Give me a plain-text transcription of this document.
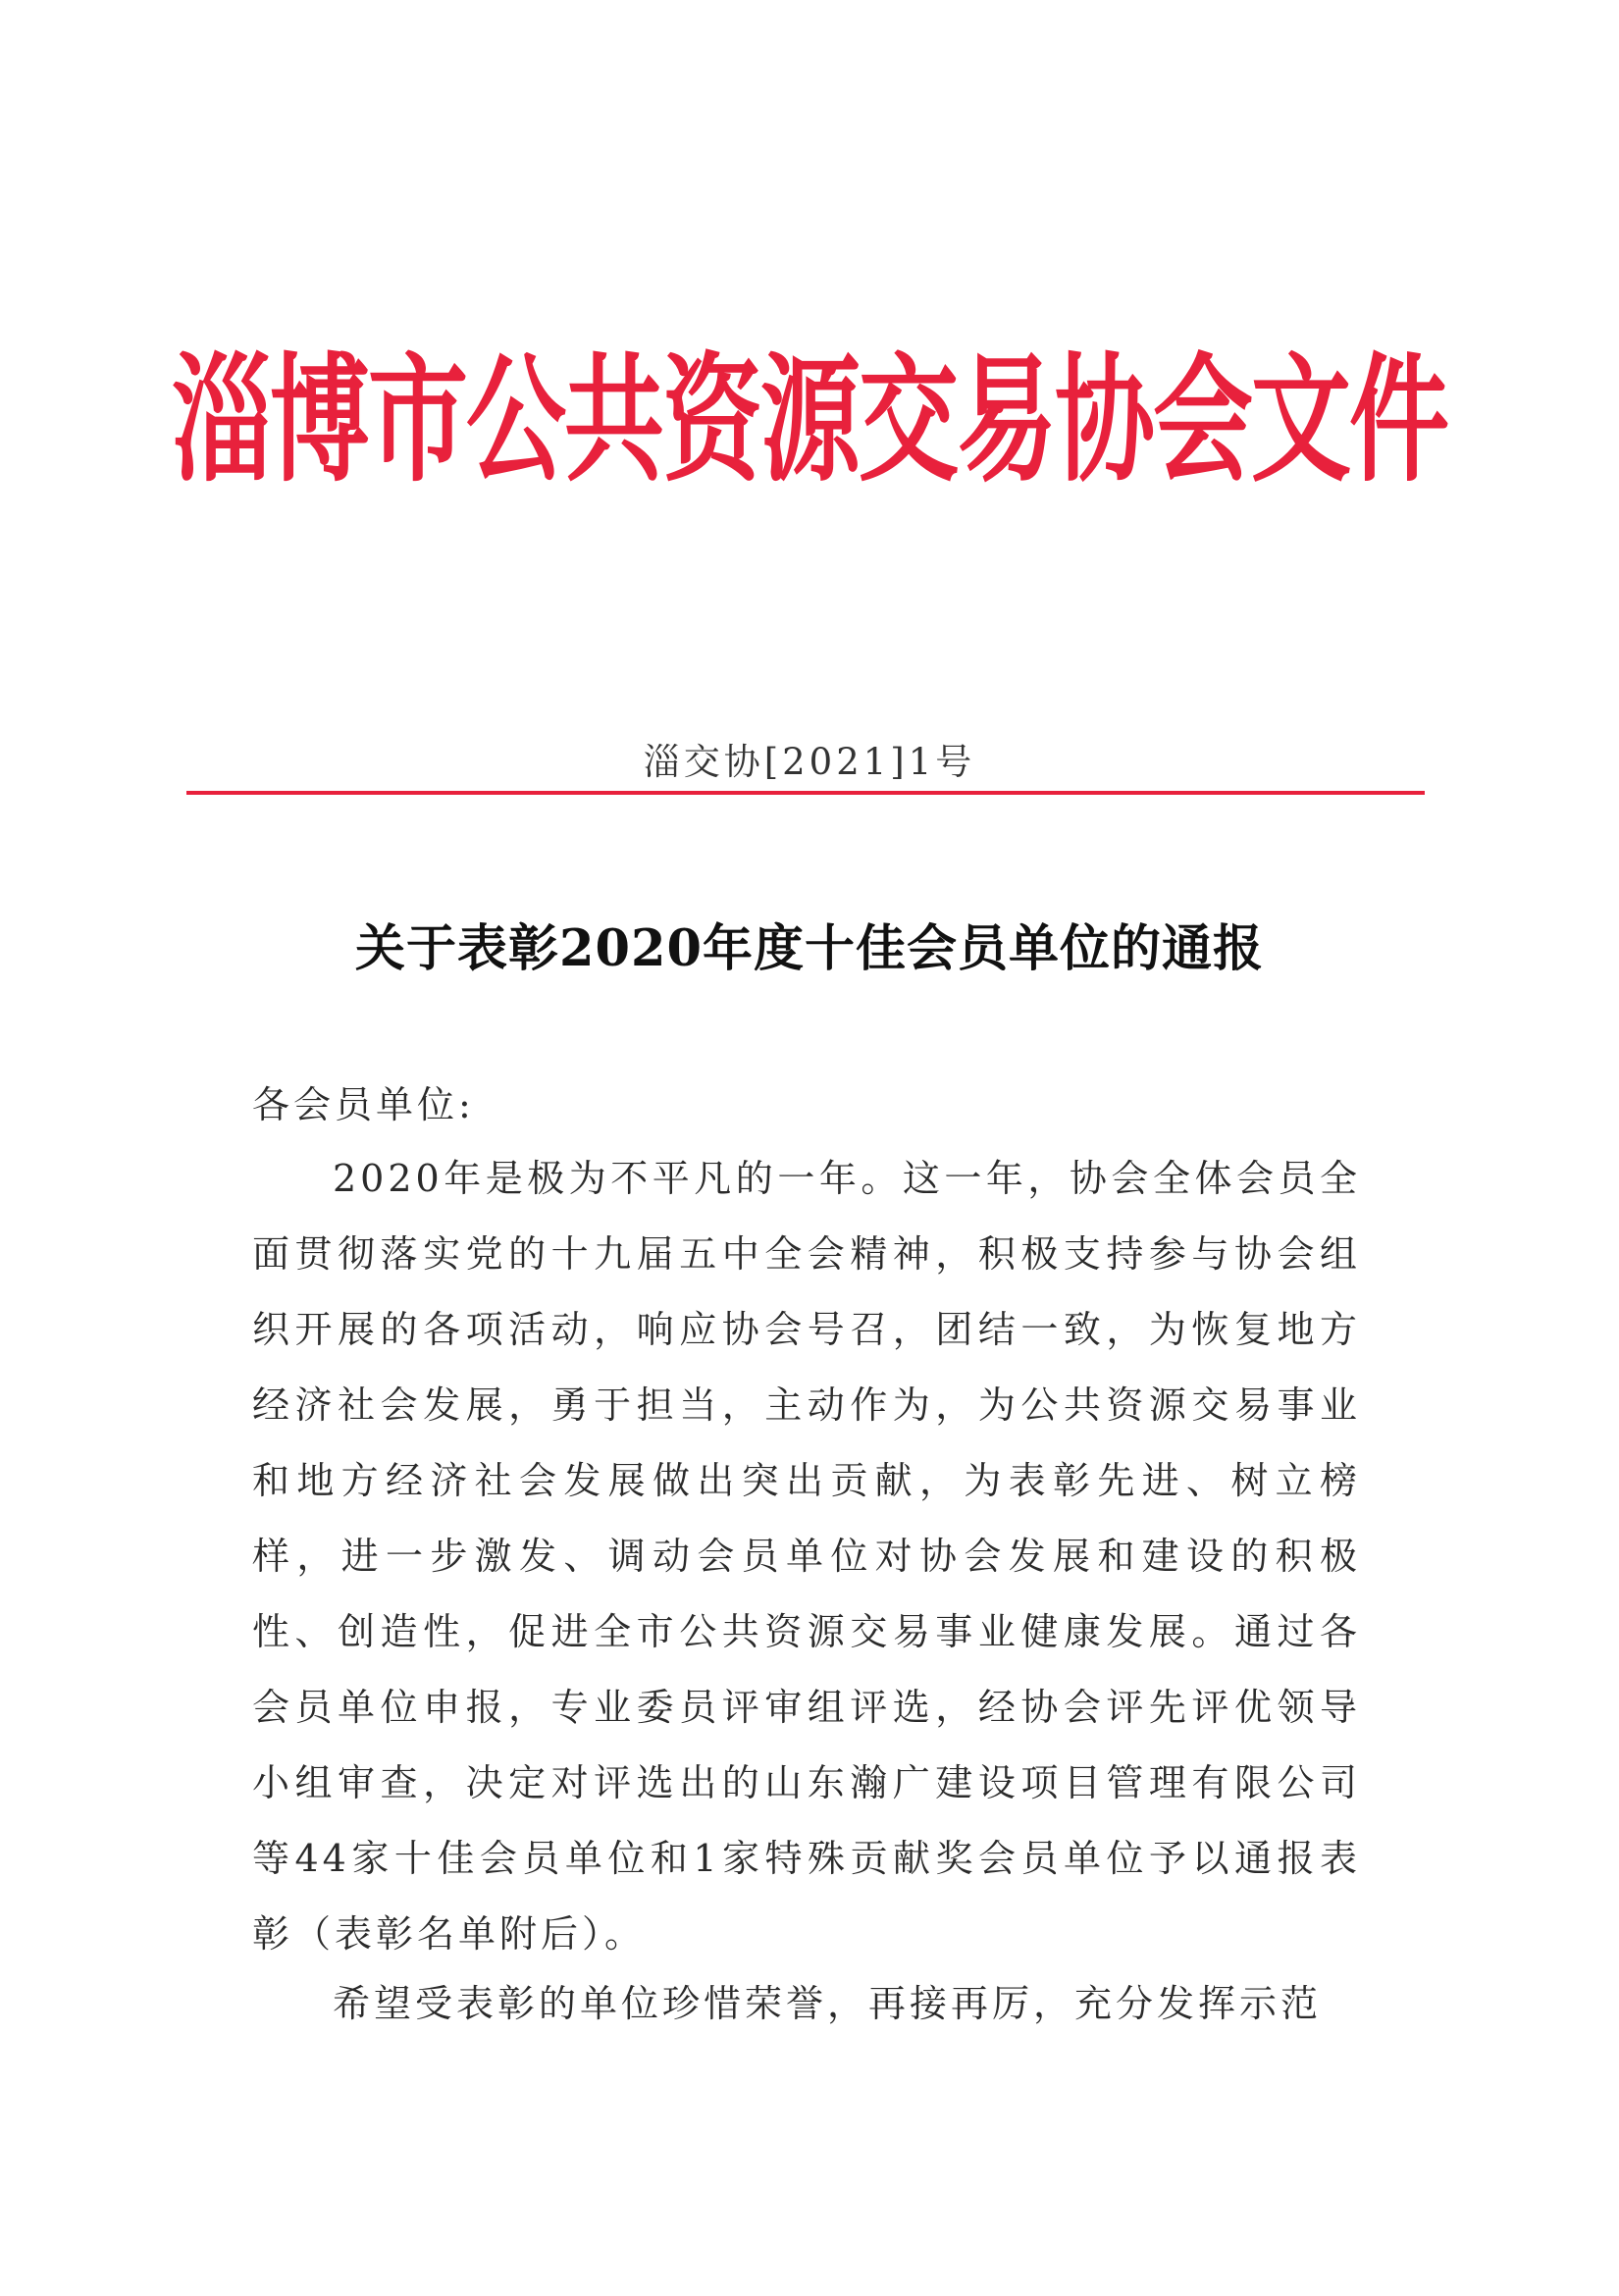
淄博市公共资源交易协会文件
淄交协[2021]1号
关于表彰2020年度十佳会员单位的通报
各会员单位:
2020年是极为不平凡的一年。这一年，协会全体会员全面贯彻落实党的十九届五中全会精神，积极支持参与协会组织开展的各项活动，响应协会号召，团结一致，为恢复地方经济社会发展，勇于担当，主动作为，为公共资源交易事业和地方经济社会发展做出突出贡献，为表彰先进、树立榜样，进一步激发、调动会员单位对协会发展和建设的积极性、创造性，促进全市公共资源交易事业健康发展。通过各会员单位申报，专业委员评审组评选，经协会评先评优领导小组审查，决定对评选出的山东瀚广建设项目管理有限公司等44家十佳会员单位和1家特殊贡献奖会员单位予以通报表彰（表彰名单附后）。
希望受表彰的单位珍惜荣誉，再接再厉，充分发挥示范
